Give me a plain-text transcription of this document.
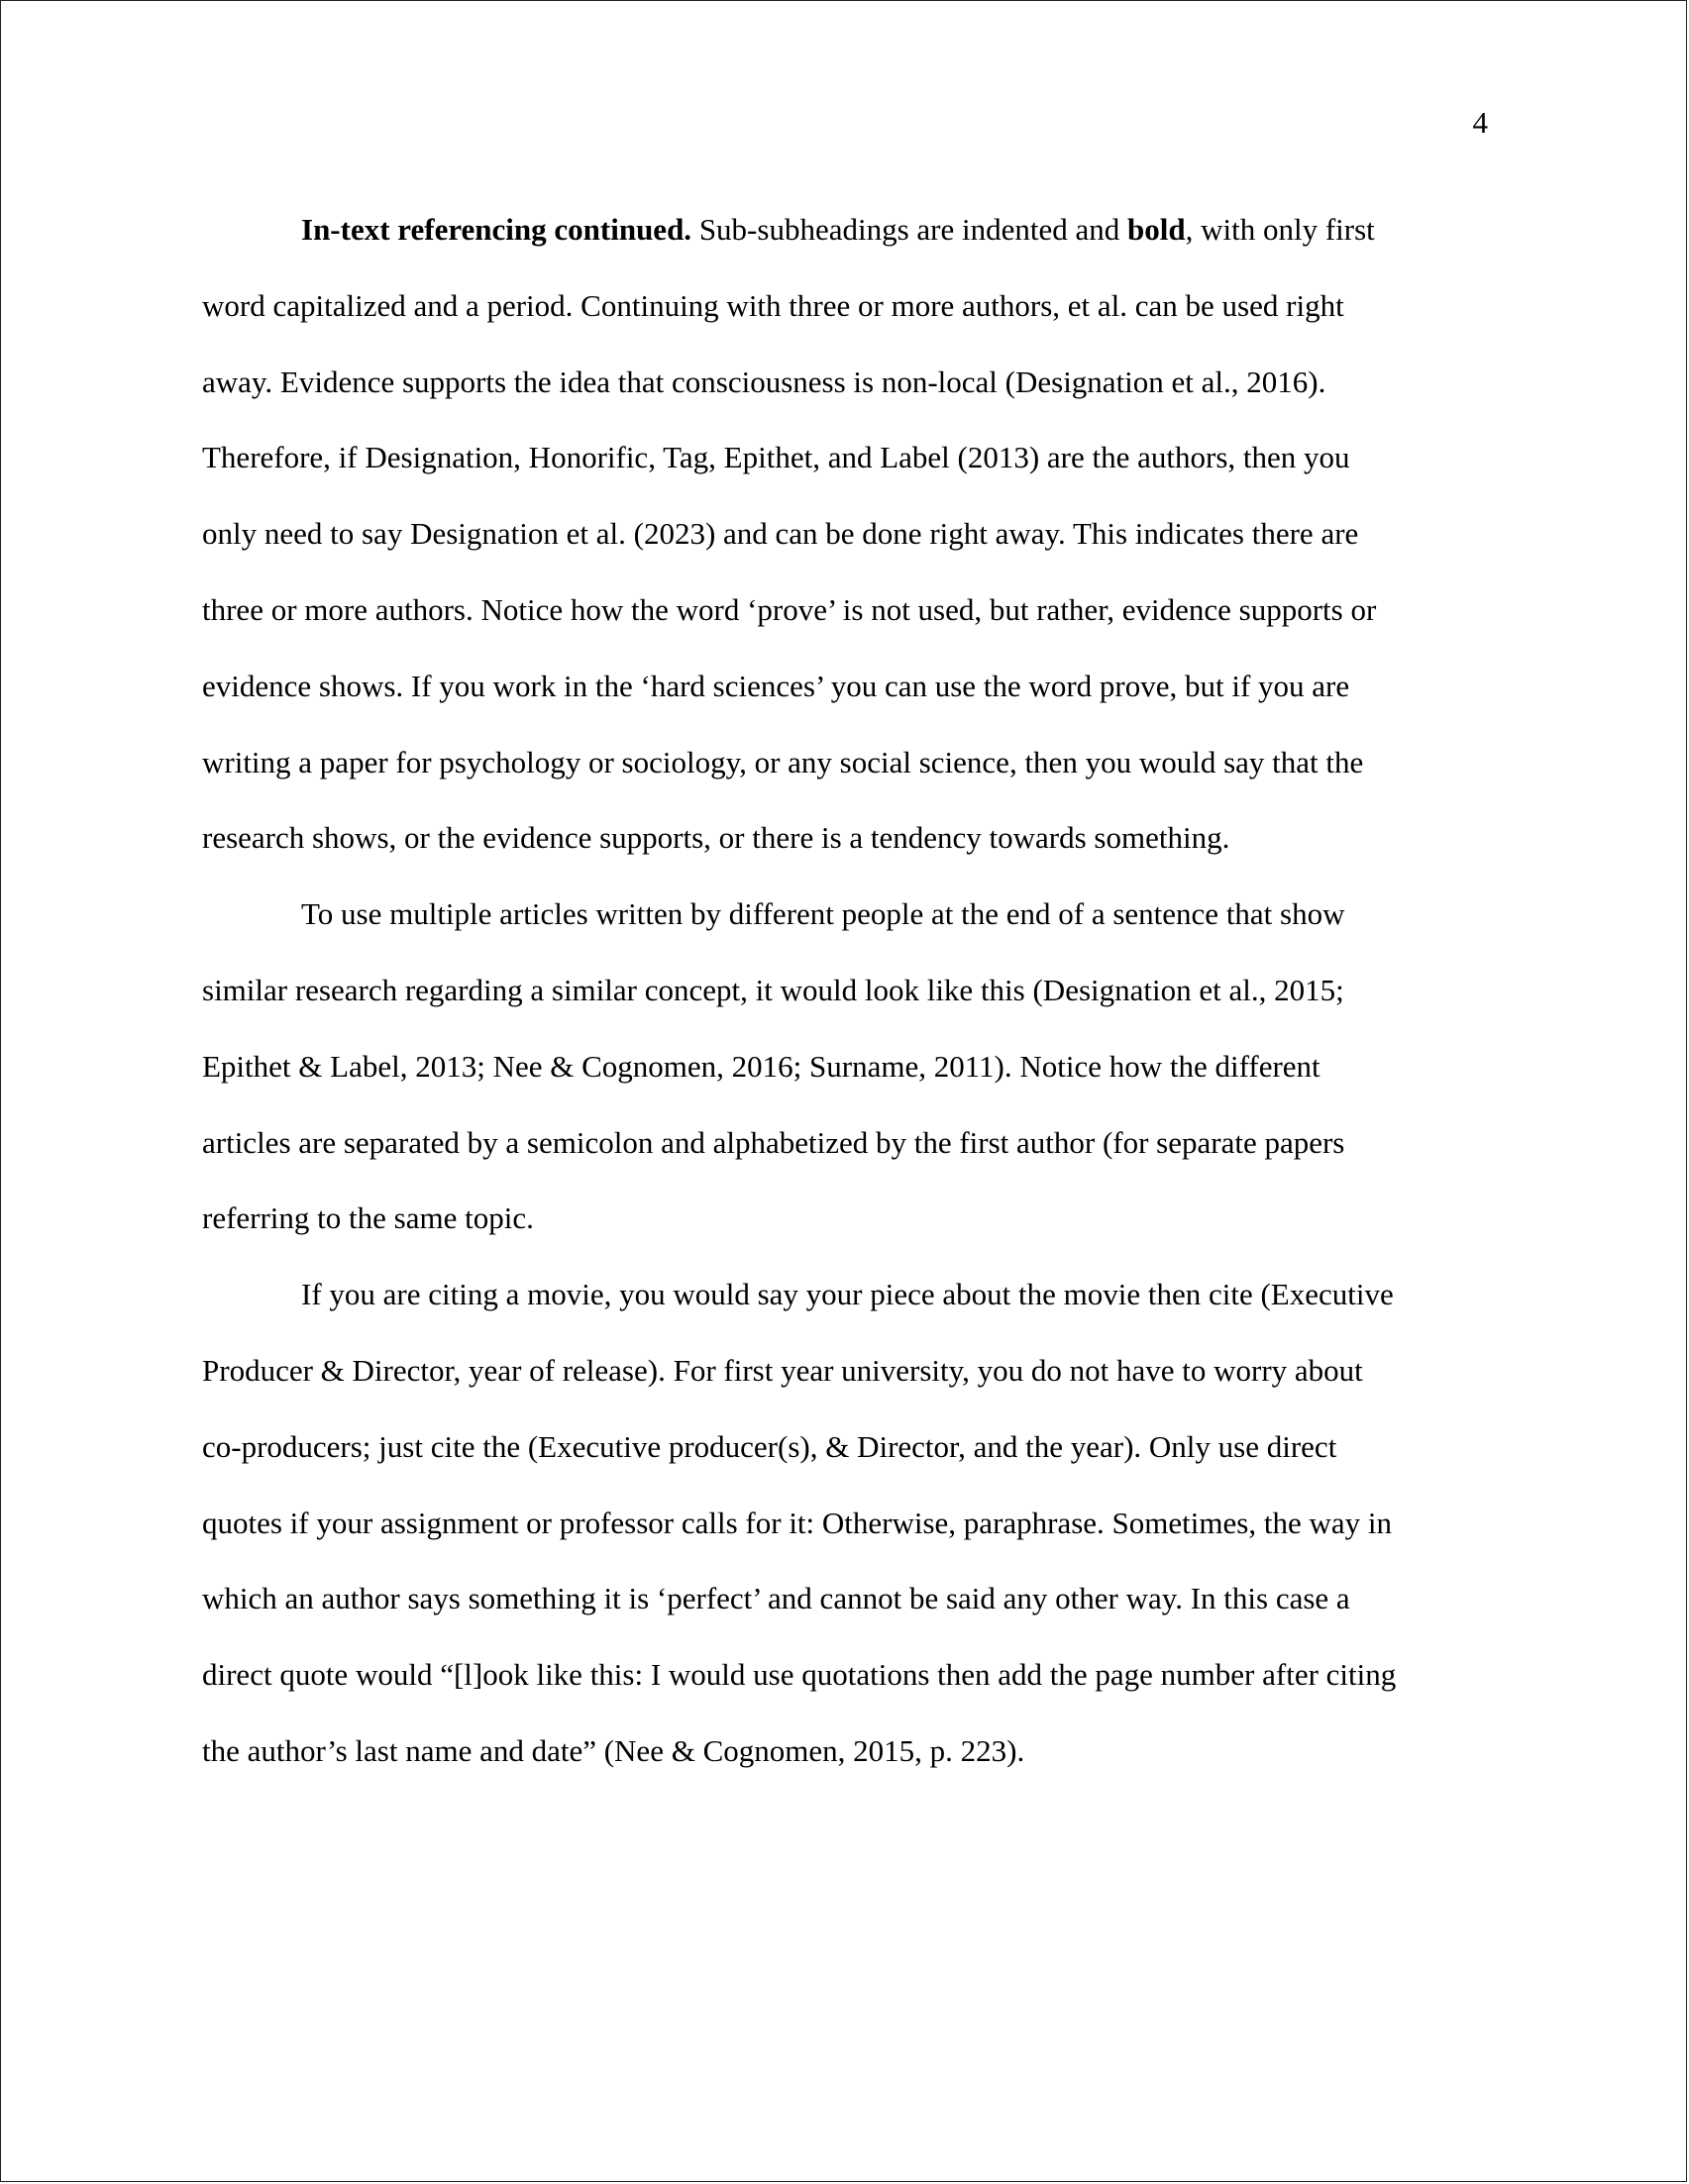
4

In-text referencing continued. Sub-subheadings are indented and bold, with only first
word capitalized and a period. Continuing with three or more authors, et al. can be used right
away. Evidence supports the idea that consciousness is non-local (Designation et al., 2016).
Therefore, if Designation, Honorific, Tag, Epithet, and Label (2013) are the authors, then you
only need to say Designation et al. (2023) and can be done right away. This indicates there are
three or more authors. Notice how the word ‘prove’ is not used, but rather, evidence supports or
evidence shows. If you work in the ‘hard sciences’ you can use the word prove, but if you are
writing a paper for psychology or sociology, or any social science, then you would say that the
research shows, or the evidence supports, or there is a tendency towards something.

To use multiple articles written by different people at the end of a sentence that show
similar research regarding a similar concept, it would look like this (Designation et al., 2015;
Epithet & Label, 2013; Nee & Cognomen, 2016; Surname, 2011). Notice how the different
articles are separated by a semicolon and alphabetized by the first author (for separate papers
referring to the same topic.

If you are citing a movie, you would say your piece about the movie then cite (Executive
Producer & Director, year of release). For first year university, you do not have to worry about
co-producers; just cite the (Executive producer(s), & Director, and the year). Only use direct
quotes if your assignment or professor calls for it: Otherwise, paraphrase. Sometimes, the way in
which an author says something it is ‘perfect’ and cannot be said any other way. In this case a
direct quote would “[l]ook like this: I would use quotations then add the page number after citing
the author’s last name and date” (Nee & Cognomen, 2015, p. 223).
